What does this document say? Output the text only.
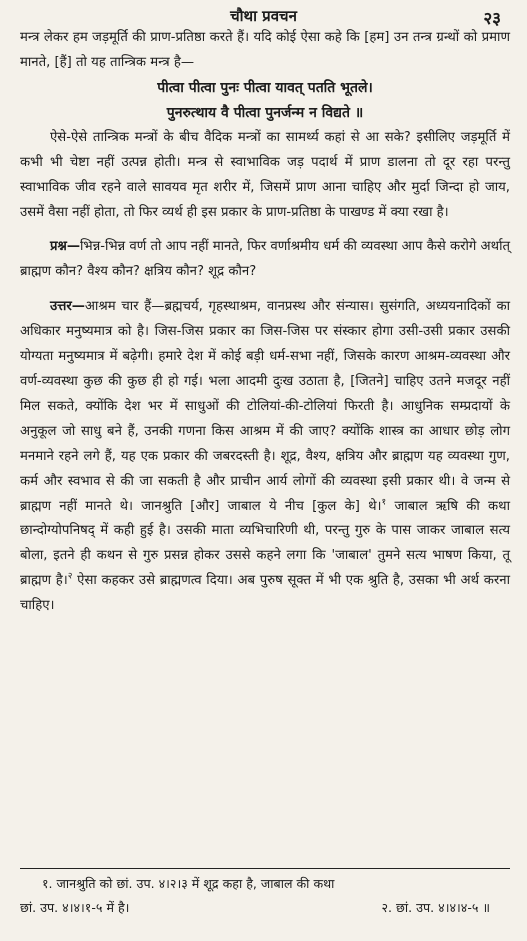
चौथा प्रवचन	२३

मन्त्र लेकर हम जड़मूर्ति की प्राण-प्रतिष्ठा करते हैं। यदि कोई ऐसा कहे कि [हम] उन तन्त्र ग्रन्थों को प्रमाण मानते, [हैं] तो यह तान्त्रिक मन्त्र है—

पीत्वा पीत्वा पुनः पीत्वा यावत् पतति भूतले।
पुनरुत्थाय वै पीत्वा पुनर्जन्म न विद्यते ॥

ऐसे-ऐसे तान्त्रिक मन्त्रों के बीच वैदिक मन्त्रों का सामर्थ्य कहां से आ सके? इसीलिए जड़मूर्ति में कभी भी चेष्टा नहीं उत्पन्न होती। मन्त्र से स्वाभाविक जड़ पदार्थ में प्राण डालना तो दूर रहा परन्तु स्वाभाविक जीव रहने वाले सावयव मृत शरीर में, जिसमें प्राण आना चाहिए और मुर्दा जिन्दा हो जाय, उसमें वैसा नहीं होता, तो फिर व्यर्थ ही इस प्रकार के प्राण-प्रतिष्ठा के पाखण्ड में क्या रखा है।

प्रश्न—भिन्न-भिन्न वर्ण तो आप नहीं मानते, फिर वर्णाश्रमीय धर्म की व्यवस्था आप कैसे करोगे अर्थात् ब्राह्मण कौन? वैश्य कौन? क्षत्रिय कौन? शूद्र कौन?

उत्तर—आश्रम चार हैं—ब्रह्मचर्य, गृहस्थाश्रम, वानप्रस्थ और संन्यास। सुसंगति, अध्ययनादिकों का अधिकार मनुष्यमात्र को है। जिस-जिस प्रकार का जिस-जिस पर संस्कार होगा उसी-उसी प्रकार उसकी योग्यता मनुष्यमात्र में बढ़ेगी। हमारे देश में कोई बड़ी धर्म-सभा नहीं, जिसके कारण आश्रम-व्यवस्था और वर्ण-व्यवस्था कुछ की कुछ ही हो गई। भला आदमी दुःख उठाता है, [जितने] चाहिए उतने मजदूर नहीं मिल सकते, क्योंकि देश भर में साधुओं की टोलियां-की-टोलियां फिरती है। आधुनिक सम्प्रदायों के अनुकूल जो साधु बने हैं, उनकी गणना किस आश्रम में की जाए? क्योंकि शास्त्र का आधार छोड़ लोग मनमाने रहने लगे हैं, यह एक प्रकार की जबरदस्ती है। शूद्र, वैश्य, क्षत्रिय और ब्राह्मण यह व्यवस्था गुण, कर्म और स्वभाव से की जा सकती है और प्राचीन आर्य लोगों की व्यवस्था इसी प्रकार थी। वे जन्म से ब्राह्मण नहीं मानते थे। जानश्रुति [और] जाबाल ये नीच [कुल के] थे।$^१$ जाबाल ऋषि की कथा छान्दोग्योपनिषद् में कही हुई है। उसकी माता व्यभिचारिणी थी, परन्तु गुरु के पास जाकर जाबाल सत्य बोला, इतने ही कथन से गुरु प्रसन्न होकर उससे कहने लगा कि 'जाबाल' तुमने सत्य भाषण किया, तू ब्राह्मण है।$^२$ ऐसा कहकर उसे ब्राह्मणत्व दिया। अब पुरुष सूक्त में भी एक श्रुति है, उसका भी अर्थ करना चाहिए।

१. जानश्रुति को छां. उप. ४।२।३ में शूद्र कहा है, जाबाल की कथा
छां. उप. ४।४।१-५ में है।	२. छां. उप. ४।४।४-५ ॥
